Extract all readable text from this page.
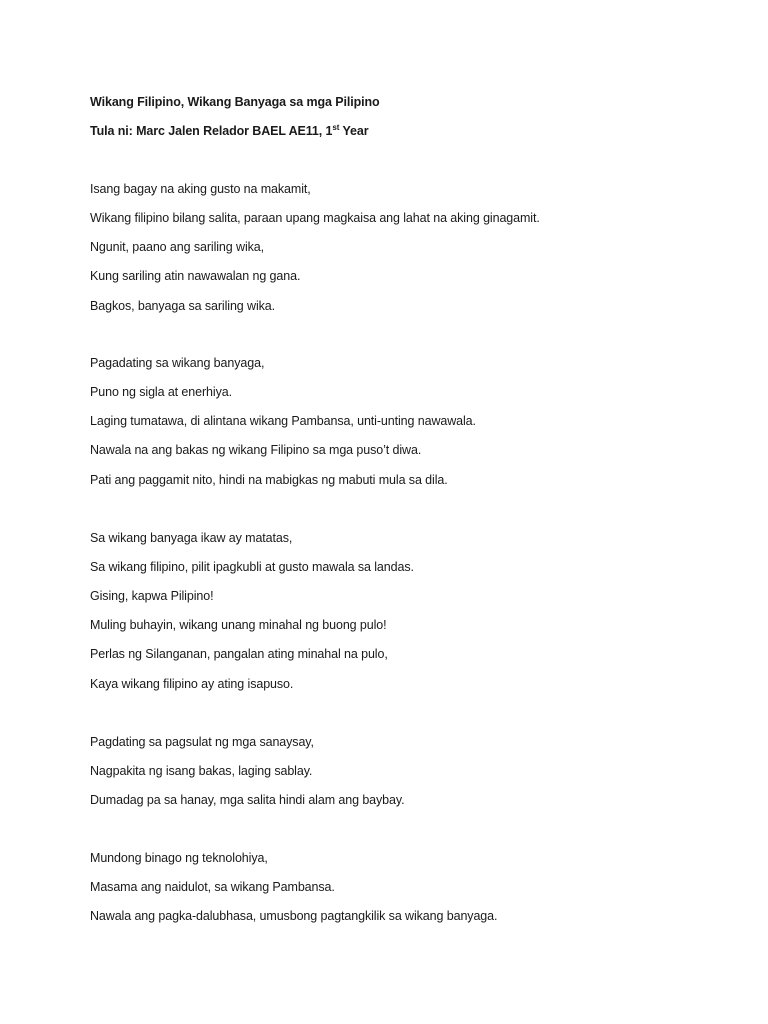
Wikang Filipino, Wikang Banyaga sa mga Pilipino
Tula ni: Marc Jalen Relador BAEL AE11, 1st Year
Isang bagay na aking gusto na makamit,
Wikang filipino bilang salita, paraan upang magkaisa ang lahat na aking ginagamit.
Ngunit, paano ang sariling wika,
Kung sariling atin nawawalan ng gana.
Bagkos, banyaga sa sariling wika.
Pagadating sa wikang banyaga,
Puno ng sigla at enerhiya.
Laging tumatawa, di alintana wikang Pambansa, unti-unting nawawala.
Nawala na ang bakas ng wikang Filipino sa mga puso’t diwa.
Pati ang paggamit nito, hindi na mabigkas ng mabuti mula sa dila.
Sa wikang banyaga ikaw ay matatas,
Sa wikang filipino, pilit ipagkubli at gusto mawala sa landas.
Gising, kapwa Pilipino!
Muling buhayin, wikang unang minahal ng buong pulo!
Perlas ng Silanganan, pangalan ating minahal na pulo,
Kaya wikang filipino ay ating isapuso.
Pagdating sa pagsulat ng mga sanaysay,
Nagpakita ng isang bakas, laging sablay.
Dumadag pa sa hanay, mga salita hindi alam ang baybay.
Mundong binago ng teknolohiya,
Masama ang naidulot, sa wikang Pambansa.
Nawala ang pagka-dalubhasa, umusbong pagtangkilik sa wikang banyaga.
